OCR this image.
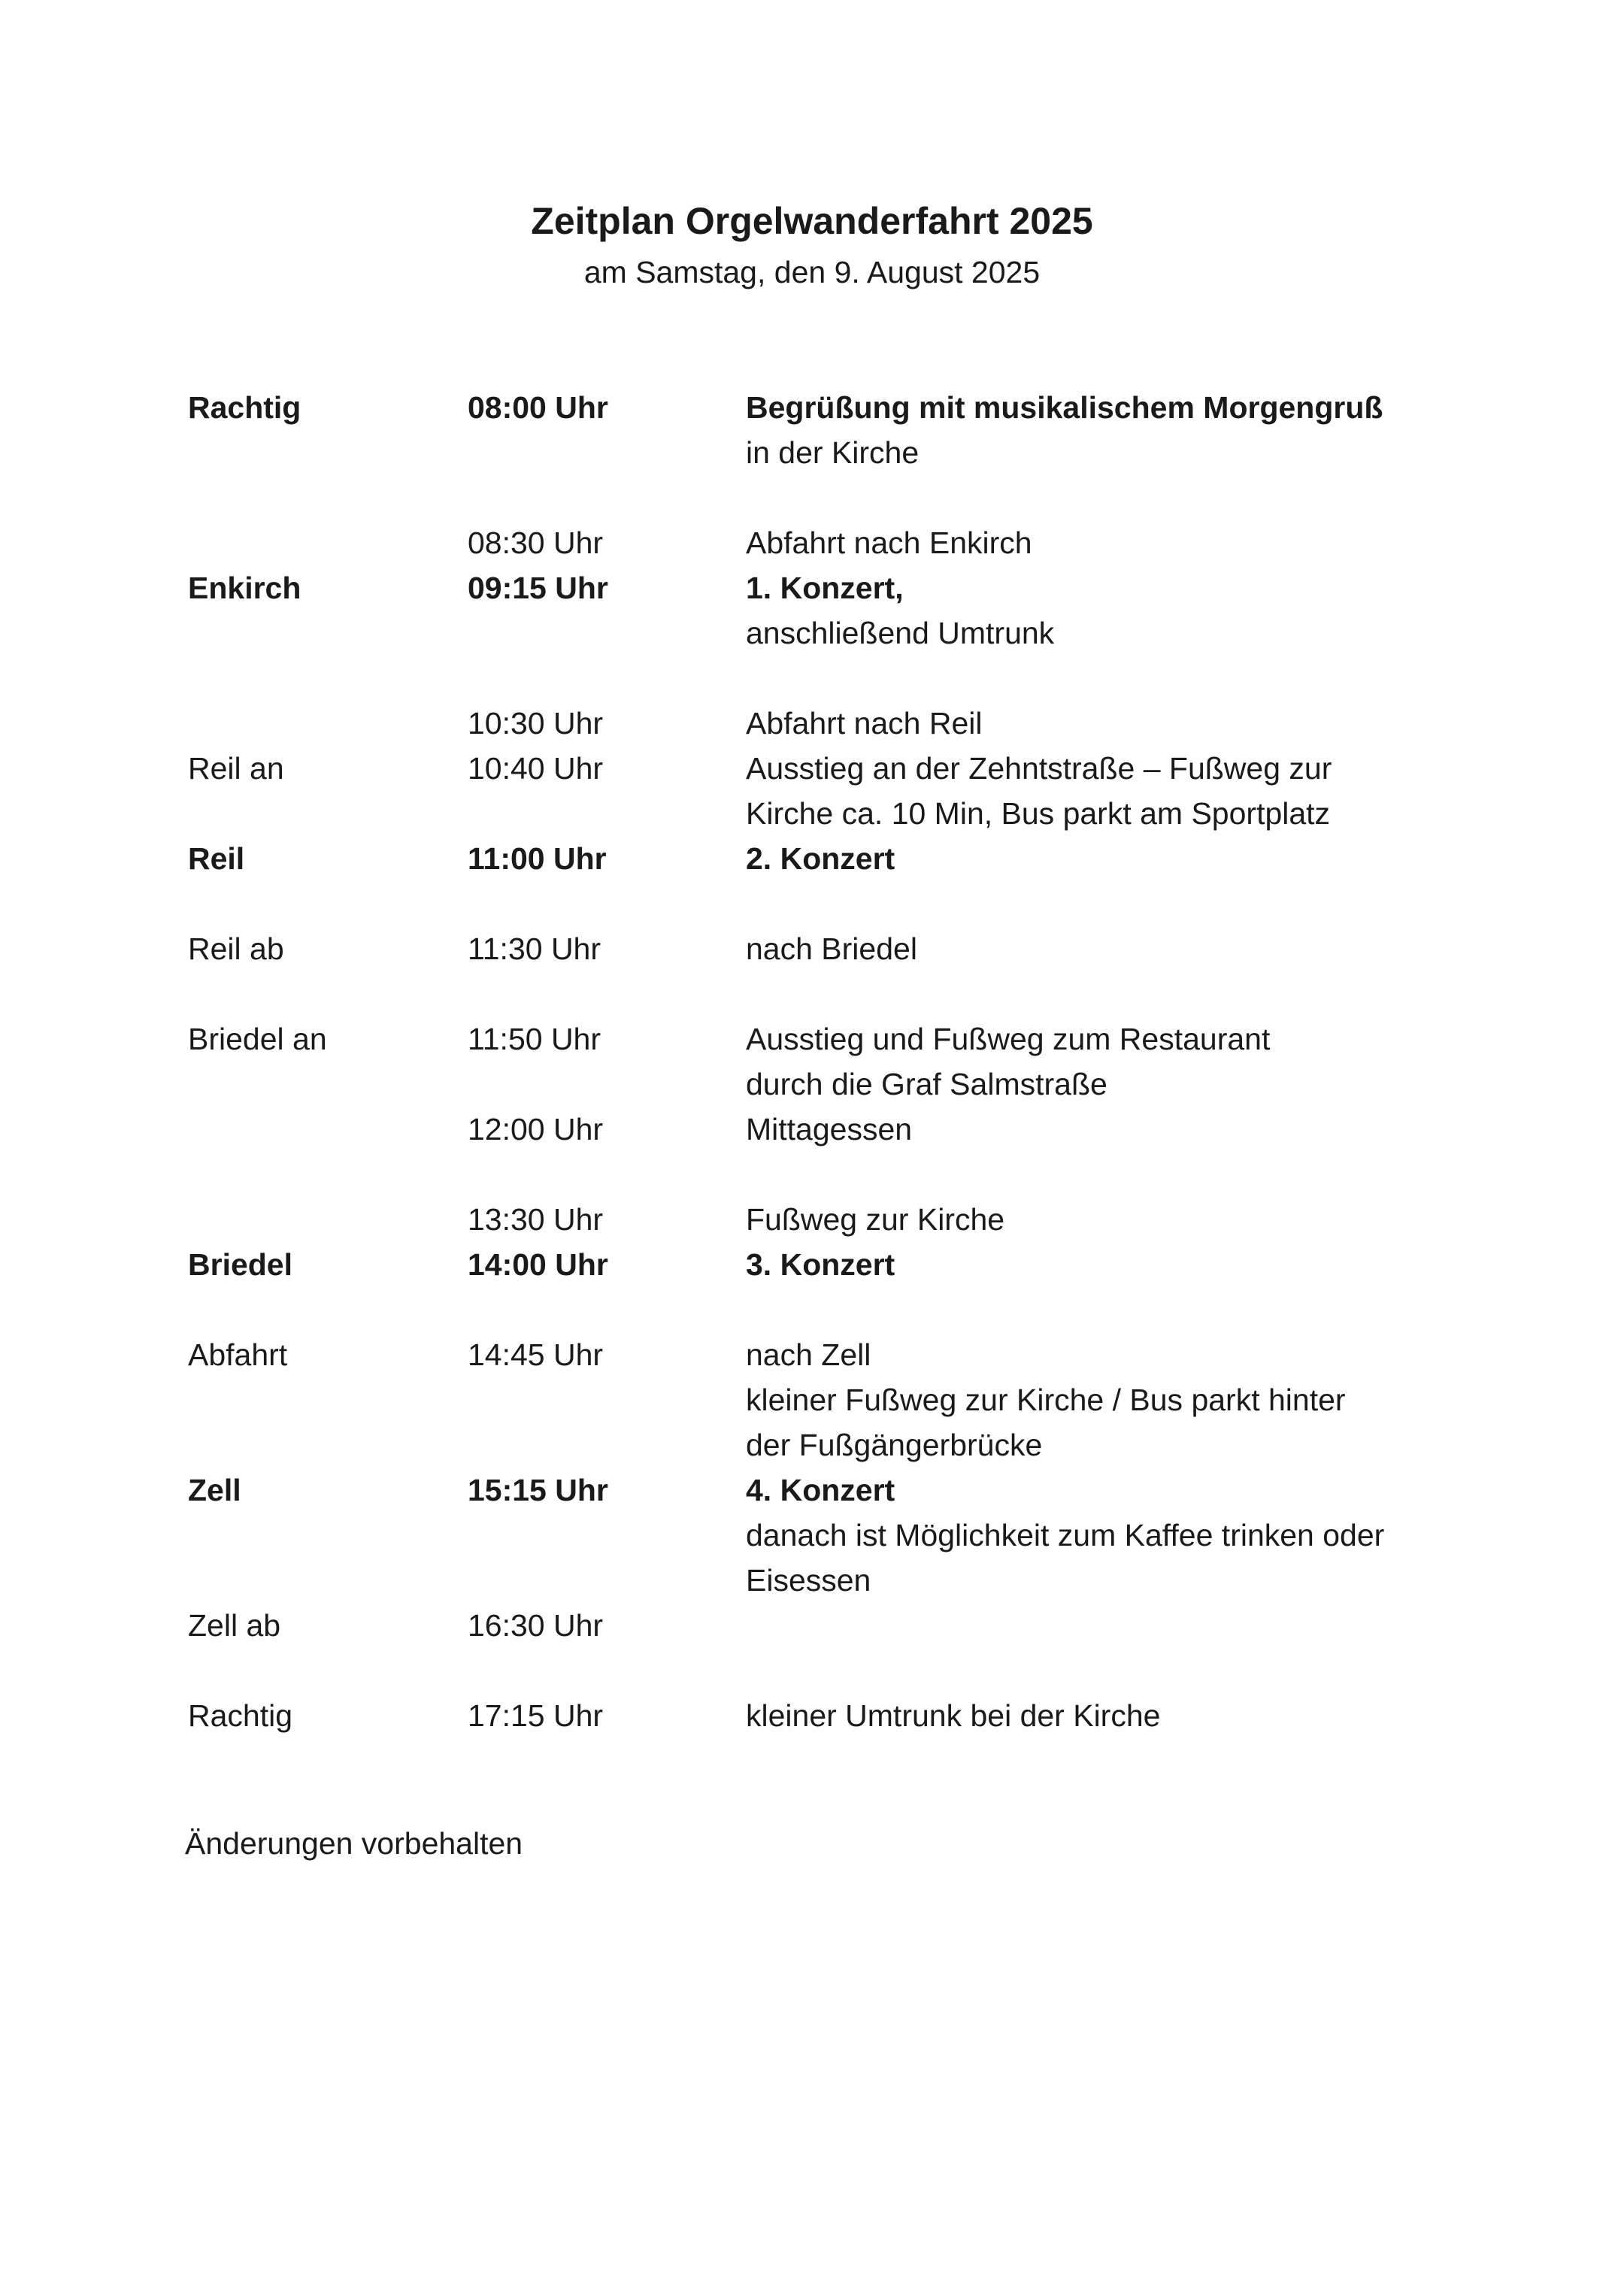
Zeitplan Orgelwanderfahrt 2025
am Samstag, den 9. August 2025
Rachtig	08:00 Uhr	Begrüßung mit musikalischem Morgengruß
in der Kirche
08:30 Uhr	Abfahrt nach Enkirch
Enkirch	09:15 Uhr	1. Konzert,
anschließend Umtrunk
10:30 Uhr	Abfahrt nach Reil
Reil an	10:40 Uhr	Ausstieg an der Zehntstraße – Fußweg zur
Kirche ca. 10 Min, Bus parkt am Sportplatz
Reil	11:00 Uhr	2. Konzert
Reil ab	11:30 Uhr	nach Briedel
Briedel an	11:50 Uhr	Ausstieg und Fußweg zum Restaurant
durch die Graf Salmstraße
12:00 Uhr	Mittagessen
13:30 Uhr	Fußweg zur Kirche
Briedel	14:00 Uhr	3. Konzert
Abfahrt	14:45 Uhr	nach Zell
kleiner Fußweg zur Kirche / Bus parkt hinter
der Fußgängerbrücke
Zell	15:15 Uhr	4. Konzert
danach ist Möglichkeit zum Kaffee trinken oder
Eisessen
Zell ab	16:30 Uhr
Rachtig	17:15 Uhr	kleiner Umtrunk bei der Kirche
Änderungen vorbehalten
